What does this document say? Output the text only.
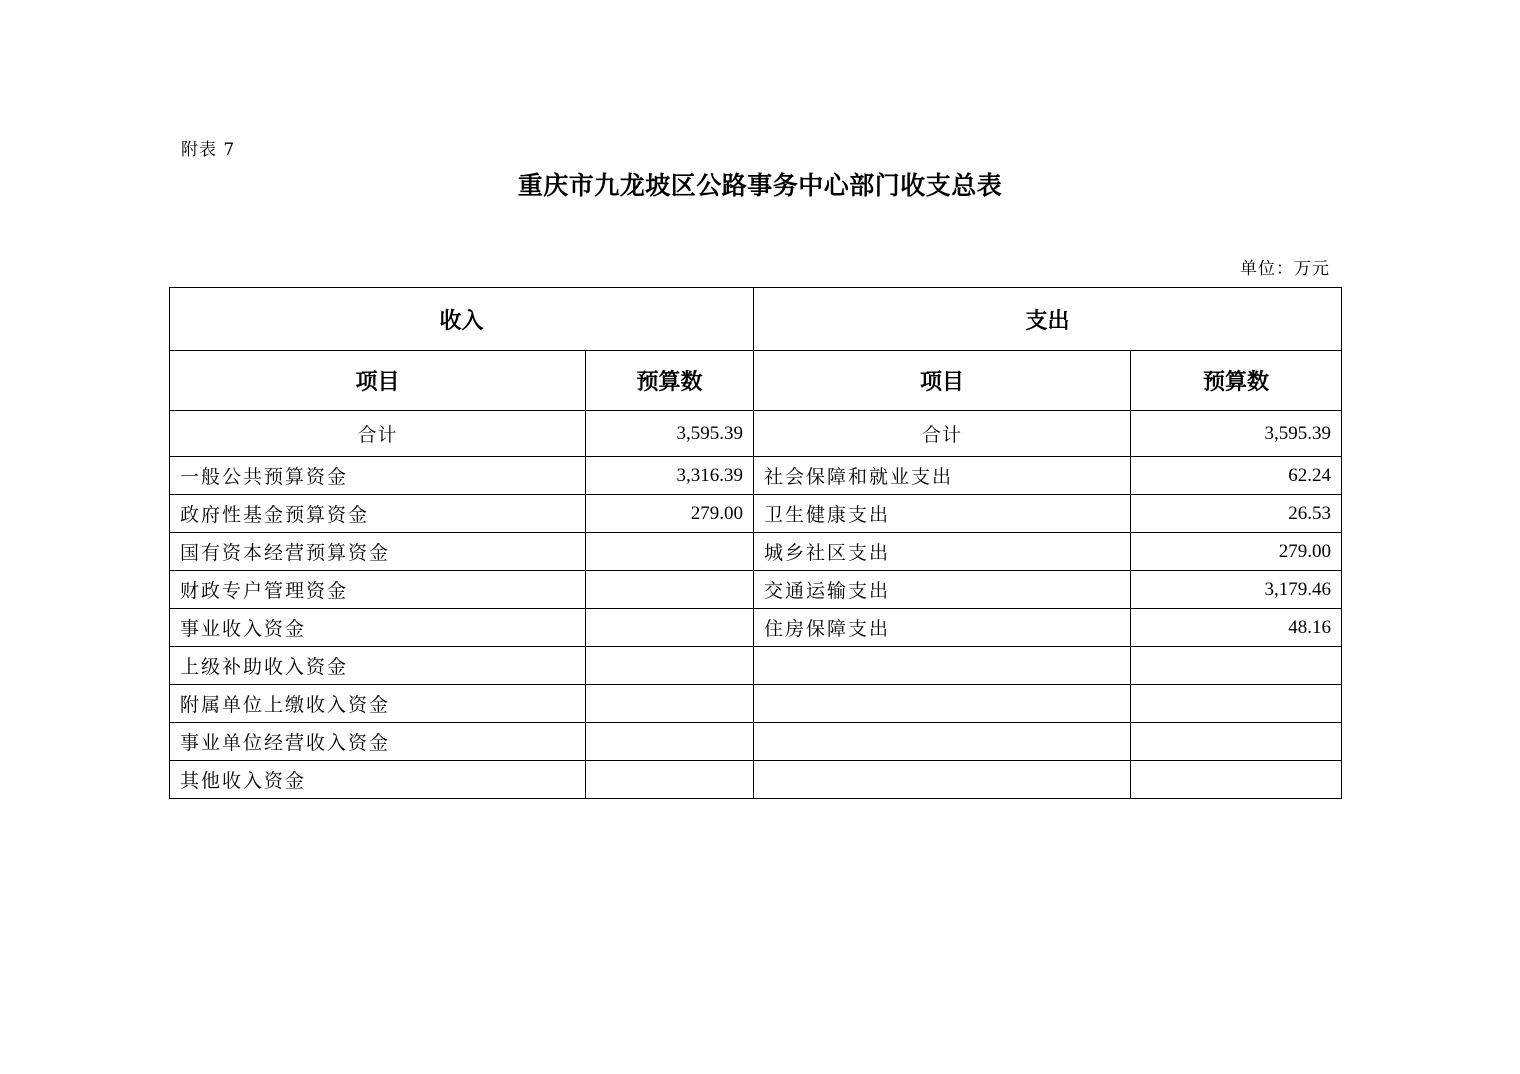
附表 7
重庆市九龙坡区公路事务中心部门收支总表
单位：万元
收入		支出	
项目	预算数	项目	预算数
合计	3,595.39	合计	3,595.39
一般公共预算资金	3,316.39	社会保障和就业支出	62.24
政府性基金预算资金	279.00	卫生健康支出	26.53
国有资本经营预算资金		城乡社区支出	279.00
财政专户管理资金		交通运输支出	3,179.46
事业收入资金		住房保障支出	48.16
上级补助收入资金			
附属单位上缴收入资金			
事业单位经营收入资金			
其他收入资金			
